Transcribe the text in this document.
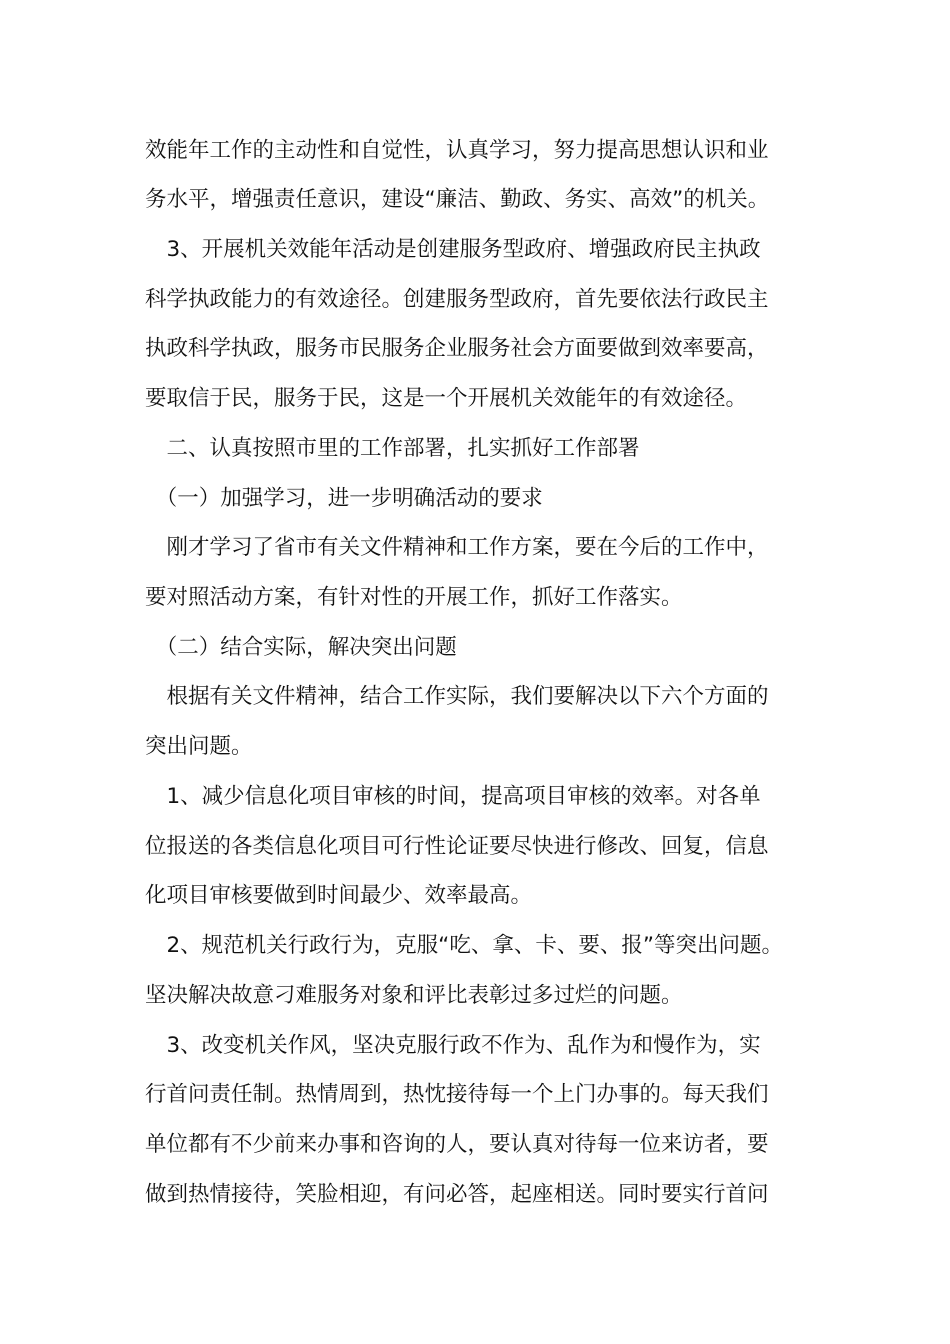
效能年工作的主动性和自觉性，认真学习，努力提高思想认识和业
务水平，增强责任意识，建设“廉洁、勤政、务实、高效”的机关。
　3、开展机关效能年活动是创建服务型政府、增强政府民主执政
科学执政能力的有效途径。创建服务型政府，首先要依法行政民主
执政科学执政，服务市民服务企业服务社会方面要做到效率要高，
要取信于民，服务于民，这是一个开展机关效能年的有效途径。
　二、认真按照市里的工作部署，扎实抓好工作部署
　（一）加强学习，进一步明确活动的要求
　刚才学习了省市有关文件精神和工作方案，要在今后的工作中，
要对照活动方案，有针对性的开展工作，抓好工作落实。
　（二）结合实际，解决突出问题
　根据有关文件精神，结合工作实际，我们要解决以下六个方面的
突出问题。
　1、减少信息化项目审核的时间，提高项目审核的效率。对各单
位报送的各类信息化项目可行性论证要尽快进行修改、回复，信息
化项目审核要做到时间最少、效率最高。
　2、规范机关行政行为，克服“吃、拿、卡、要、报”等突出问题。
坚决解决故意刁难服务对象和评比表彰过多过烂的问题。
　3、改变机关作风，坚决克服行政不作为、乱作为和慢作为，实
行首问责任制。热情周到，热忱接待每一个上门办事的。每天我们
单位都有不少前来办事和咨询的人，要认真对待每一位来访者，要
做到热情接待，笑脸相迎，有问必答，起座相送。同时要实行首问
